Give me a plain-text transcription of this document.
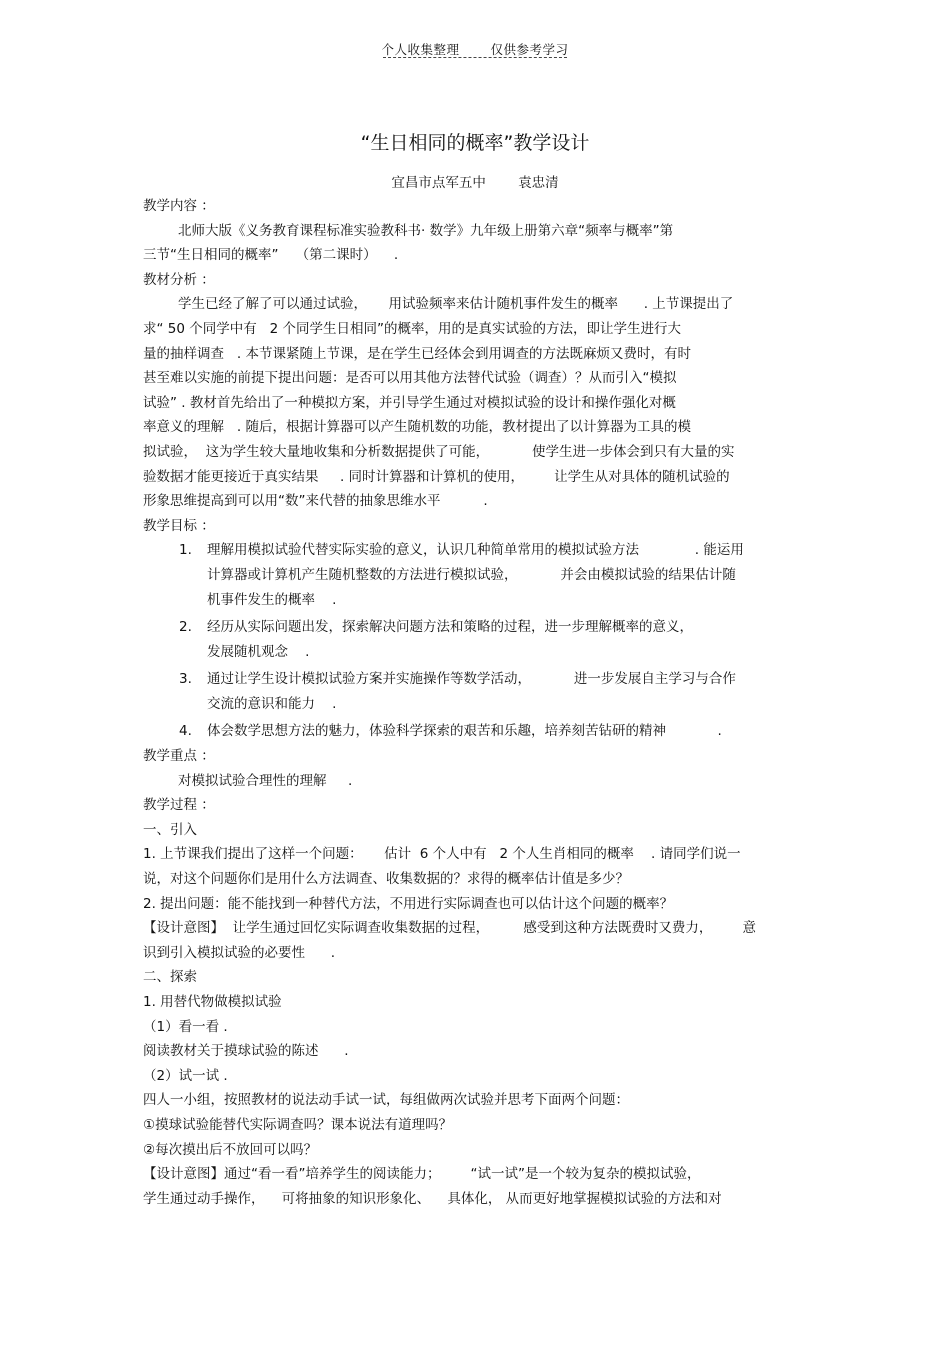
个人收集整理 仅供参考学习
“生日相同的概率”教学设计
宜昌市点军五中 袁忠清
教学内容 ：
北师大版《义务教育课程标准实验教科书· 数学》九年级上册第六章“频率与概率”第
三节“生日相同的概率”    （第二课时）    .
教材分析 ：
学生已经了解了可以通过试验，     用试验频率来估计随机事件发生的概率      . 上节课提出了
求“ 50 个同学中有   2 个同学生日相同”的概率，用的是真实试验的方法，即让学生进行大
量的抽样调查   . 本节课紧随上节课，是在学生已经体会到用调查的方法既麻烦又费时，有时
甚至难以实施的前提下提出问题：是否可以用其他方法替代试验（调查）？从而引入“模拟
试验” . 教材首先给出了一种模拟方案，并引导学生通过对模拟试验的设计和操作强化对概
率意义的理解   . 随后，根据计算器可以产生随机数的功能，教材提出了以计算器为工具的模
拟试验，  这为学生较大量地收集和分析数据提供了可能，          使学生进一步体会到只有大量的实
验数据才能更接近于真实结果     . 同时计算器和计算机的使用，       让学生从对具体的随机试验的
形象思维提高到可以用“数”来代替的抽象思维水平          .
教学目标 ：
1.	理解用模拟试验代替实际实验的意义，认识几种简单常用的模拟试验方法             . 能运用
计算器或计算机产生随机整数的方法进行模拟试验，          并会由模拟试验的结果估计随
机事件发生的概率    .
2.	经历从实际问题出发，探索解决问题方法和策略的过程，进一步理解概率的意义，
发展随机观念    .
3.	通过让学生设计模拟试验方案并实施操作等数学活动，          进一步发展自主学习与合作
交流的意识和能力    .
4.	体会数学思想方法的魅力，体验科学探索的艰苦和乐趣，培养刻苦钻研的精神            .
教学重点 ：
对模拟试验合理性的理解     .
教学过程 ：
一、引入
1. 上节课我们提出了这样一个问题：     估计  6 个人中有   2 个人生肖相同的概率    . 请同学们说一
说，对这个问题你们是用什么方法调查、收集数据的？求得的概率估计值是多少？
2. 提出问题：能不能找到一种替代方法，不用进行实际调查也可以估计这个问题的概率？
【设计意图】  让学生通过回忆实际调查收集数据的过程，        感受到这种方法既费时又费力，       意
识到引入模拟试验的必要性      .
二、探索
1. 用替代物做模拟试验
（1）看一看 .
阅读教材关于摸球试验的陈述      .
（2）试一试 .
四人一小组，按照教材的说法动手试一试，每组做两次试验并思考下面两个问题：
①摸球试验能替代实际调查吗？课本说法有道理吗？
②每次摸出后不放回可以吗？
【设计意图】通过“看一看”培养学生的阅读能力；       “试一试”是一个较为复杂的模拟试验，
学生通过动手操作，    可将抽象的知识形象化、    具体化， 从而更好地掌握模拟试验的方法和对
